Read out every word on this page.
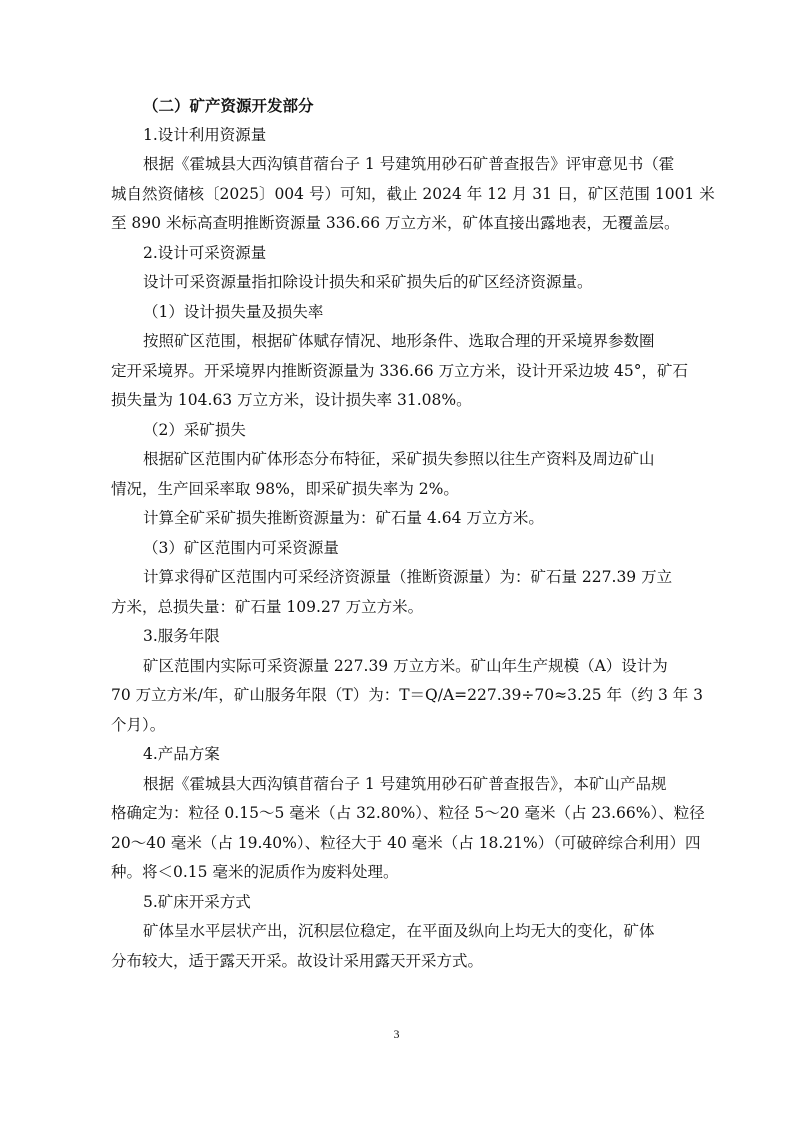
（二）矿产资源开发部分
1.设计利用资源量
根据《霍城县大西沟镇苜蓿台子 1 号建筑用砂石矿普查报告》评审意见书（霍
城自然资储核〔2025〕004 号）可知，截止 2024 年 12 月 31 日，矿区范围 1001 米
至 890 米标高查明推断资源量 336.66 万立方米，矿体直接出露地表，无覆盖层。
2.设计可采资源量
设计可采资源量指扣除设计损失和采矿损失后的矿区经济资源量。
（1）设计损失量及损失率
按照矿区范围，根据矿体赋存情况、地形条件、选取合理的开采境界参数圈
定开采境界。开采境界内推断资源量为 336.66 万立方米，设计开采边坡 45°，矿石
损失量为 104.63 万立方米，设计损失率 31.08%。
（2）采矿损失
根据矿区范围内矿体形态分布特征，采矿损失参照以往生产资料及周边矿山
情况，生产回采率取 98%，即采矿损失率为 2%。
计算全矿采矿损失推断资源量为：矿石量 4.64 万立方米。
（3）矿区范围内可采资源量
计算求得矿区范围内可采经济资源量（推断资源量）为：矿石量 227.39 万立
方米，总损失量：矿石量 109.27 万立方米。
3.服务年限
矿区范围内实际可采资源量 227.39 万立方米。矿山年生产规模（A）设计为
70 万立方米/年，矿山服务年限（T）为：T＝Q/A=227.39÷70≈3.25 年（约 3 年 3
个月）。
4.产品方案
根据《霍城县大西沟镇苜蓿台子 1 号建筑用砂石矿普查报告》，本矿山产品规
格确定为：粒径 0.15～5 毫米（占 32.80%）、粒径 5～20 毫米（占 23.66%）、粒径
20～40 毫米（占 19.40%）、粒径大于 40 毫米（占 18.21%）（可破碎综合利用）四
种。将＜0.15 毫米的泥质作为废料处理。
5.矿床开采方式
矿体呈水平层状产出，沉积层位稳定，在平面及纵向上均无大的变化，矿体
分布较大，适于露天开采。故设计采用露天开采方式。
3
